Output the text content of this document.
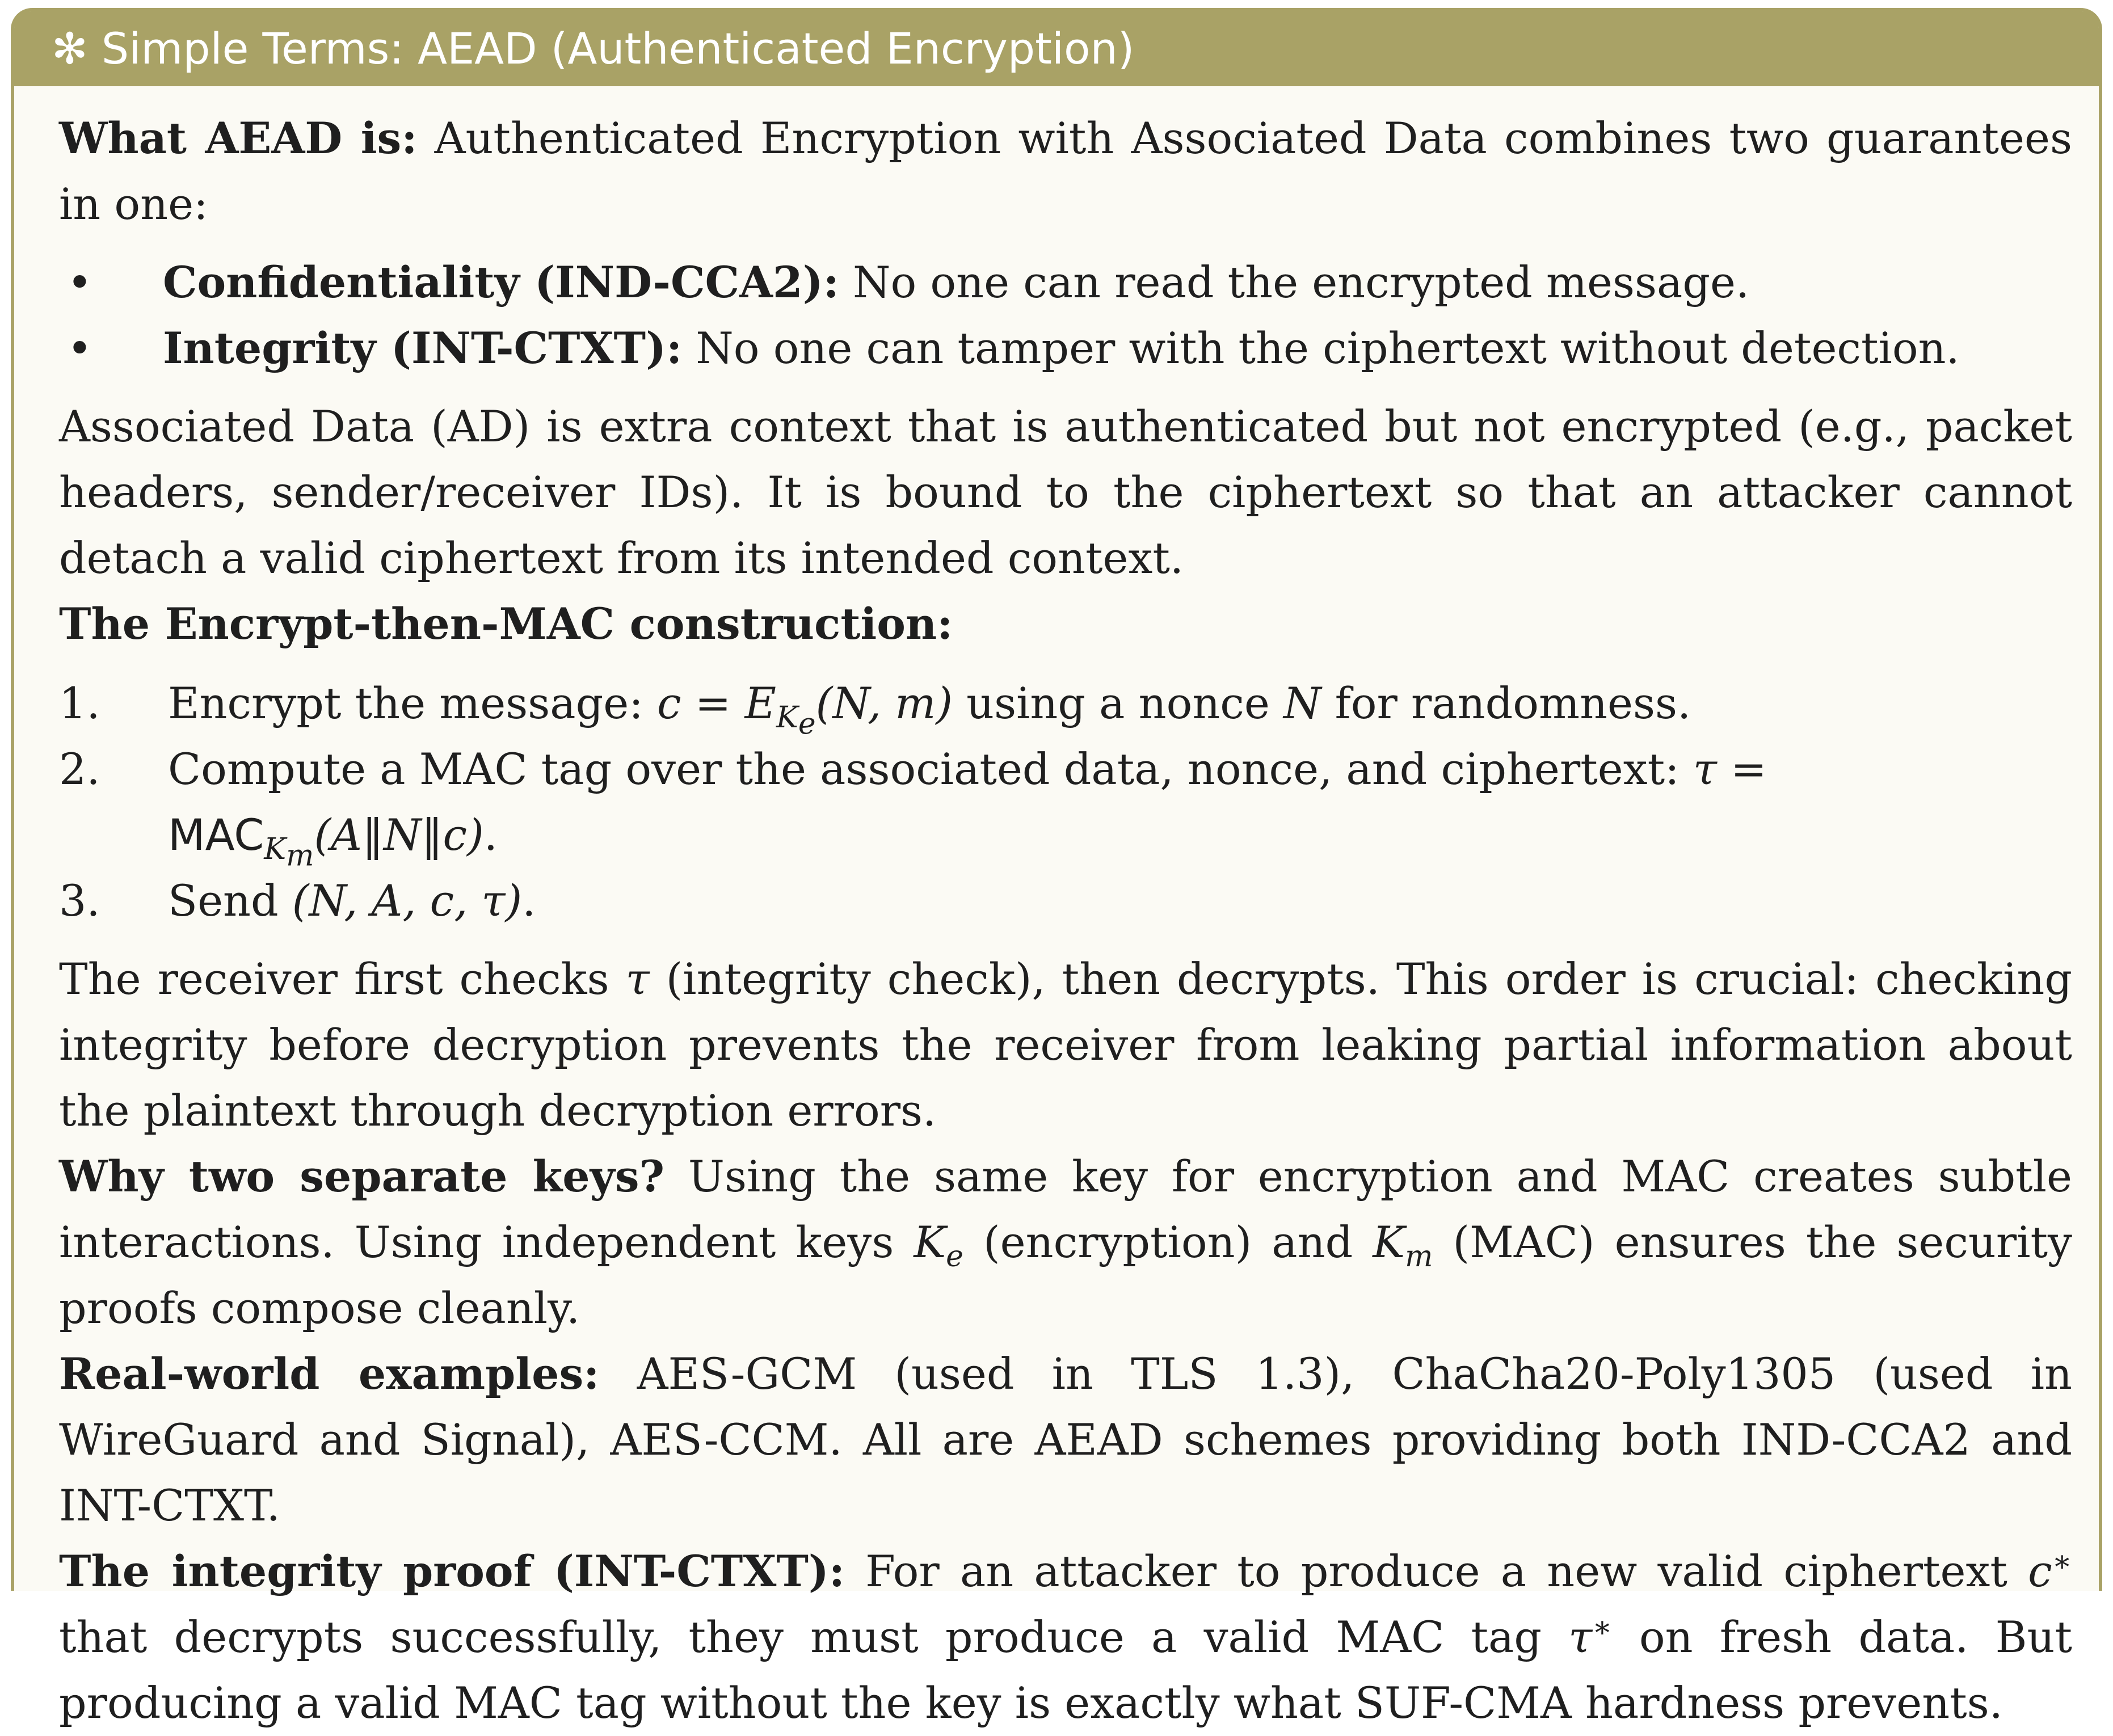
✻ Simple Terms: AEAD (Authenticated Encryption)

What AEAD is: Authenticated Encryption with Associated Data combines two guarantees in one:

• Confidentiality (IND-CCA2): No one can read the encrypted message.
• Integrity (INT-CTXT): No one can tamper with the ciphertext without detection.

Associated Data (AD) is extra context that is authenticated but not encrypted (e.g., packet headers, sender/receiver IDs). It is bound to the ciphertext so that an attacker cannot detach a valid ciphertext from its intended context.

The Encrypt-then-MAC construction:

1. Encrypt the message: $c = E_{K_e}(N$, m) using a nonce N for randomness.
2. Compute a MAC tag over the associated data, nonce, and ciphertext: $\tau = MAC_{K_m}(A‖N‖c)$.
3. Send (N, A, c, τ).

The receiver first checks τ (integrity check), then decrypts. This order is crucial: checking integrity before decryption prevents the receiver from leaking partial information about the plaintext through decryption errors.

Why two separate keys? Using the same key for encryption and MAC creates subtle interactions. Using independent keys $K_e$ (encryption) and $K_m$ (MAC) ensures the security proofs compose cleanly.

Real-world examples: AES-GCM (used in TLS 1.3), ChaCha20-Poly1305 (used in WireGuard and Signal), AES-CCM. All are AEAD schemes providing both IND-CCA2 and INT-CTXT.

The integrity proof (INT-CTXT): For an attacker to produce a new valid ciphertext c∗ that decrypts successfully, they must produce a valid MAC tag τ∗ on fresh data. But producing a valid MAC tag without the key is exactly what SUF-CMA hardness prevents.
